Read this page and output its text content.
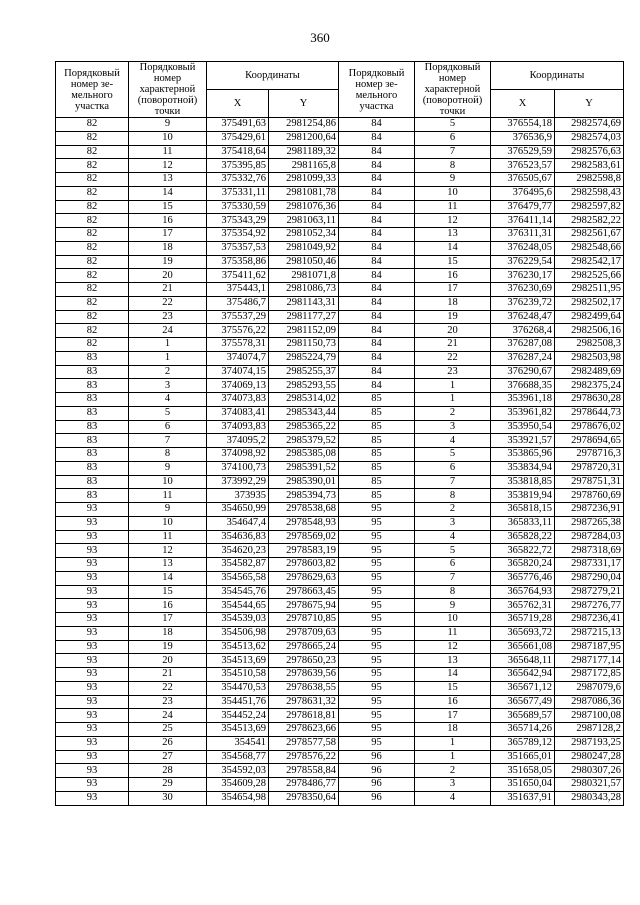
360
Порядковый номер зе-мельного участка	Порядковый номер характерной (поворотной) точки	Координаты		Порядковый номер зе-мельного участка	Порядковый номер характерной (поворотной) точки	Координаты	
		X	Y			X	Y
82	9	375491,63	2981254,86	84	5	376554,18	2982574,69
82	10	375429,61	2981200,64	84	6	376536,9	2982574,03
82	11	375418,64	2981189,32	84	7	376529,59	2982576,63
82	12	375395,85	2981165,8	84	8	376523,57	2982583,61
82	13	375332,76	2981099,33	84	9	376505,67	2982598,8
82	14	375331,11	2981081,78	84	10	376495,6	2982598,43
82	15	375330,59	2981076,36	84	11	376479,77	2982597,82
82	16	375343,29	2981063,11	84	12	376411,14	2982582,22
82	17	375354,92	2981052,34	84	13	376311,31	2982561,67
82	18	375357,53	2981049,92	84	14	376248,05	2982548,66
82	19	375358,86	2981050,46	84	15	376229,54	2982542,17
82	20	375411,62	2981071,8	84	16	376230,17	2982525,66
82	21	375443,1	2981086,73	84	17	376230,69	2982511,95
82	22	375486,7	2981143,31	84	18	376239,72	2982502,17
82	23	375537,29	2981177,27	84	19	376248,47	2982499,64
82	24	375576,22	2981152,09	84	20	376268,4	2982506,16
82	1	375578,31	2981150,73	84	21	376287,08	2982508,3
83	1	374074,7	2985224,79	84	22	376287,24	2982503,98
83	2	374074,15	2985255,37	84	23	376290,67	2982489,69
83	3	374069,13	2985293,55	84	1	376688,35	2982375,24
83	4	374073,83	2985314,02	85	1	353961,18	2978630,28
83	5	374083,41	2985343,44	85	2	353961,82	2978644,73
83	6	374093,83	2985365,22	85	3	353950,54	2978676,02
83	7	374095,2	2985379,52	85	4	353921,57	2978694,65
83	8	374098,92	2985385,08	85	5	353865,96	2978716,3
83	9	374100,73	2985391,52	85	6	353834,94	2978720,31
83	10	373992,29	2985390,01	85	7	353818,85	2978751,31
83	11	373935	2985394,73	85	8	353819,94	2978760,69
93	9	354650,99	2978538,68	95	2	365818,15	2987236,91
93	10	354647,4	2978548,93	95	3	365833,11	2987265,38
93	11	354636,83	2978569,02	95	4	365828,22	2987284,03
93	12	354620,23	2978583,19	95	5	365822,72	2987318,69
93	13	354582,87	2978603,82	95	6	365820,24	2987331,17
93	14	354565,58	2978629,63	95	7	365776,46	2987290,04
93	15	354545,76	2978663,45	95	8	365764,93	2987279,21
93	16	354544,65	2978675,94	95	9	365762,31	2987276,77
93	17	354539,03	2978710,85	95	10	365719,28	2987236,41
93	18	354506,98	2978709,63	95	11	365693,72	2987215,13
93	19	354513,62	2978665,24	95	12	365661,08	2987187,95
93	20	354513,69	2978650,23	95	13	365648,11	2987177,14
93	21	354510,58	2978639,56	95	14	365642,94	2987172,85
93	22	354470,53	2978638,55	95	15	365671,12	2987079,6
93	23	354451,76	2978631,32	95	16	365677,49	2987086,36
93	24	354452,24	2978618,81	95	17	365689,57	2987100,08
93	25	354513,69	2978623,66	95	18	365714,26	2987128,2
93	26	354541	2978577,58	95	1	365789,12	2987193,25
93	27	354568,77	2978576,22	96	1	351665,01	2980247,28
93	28	354592,03	2978558,84	96	2	351658,05	2980307,26
93	29	354609,28	2978486,77	96	3	351650,04	2980321,57
93	30	354654,98	2978350,64	96	4	351637,91	2980343,28
